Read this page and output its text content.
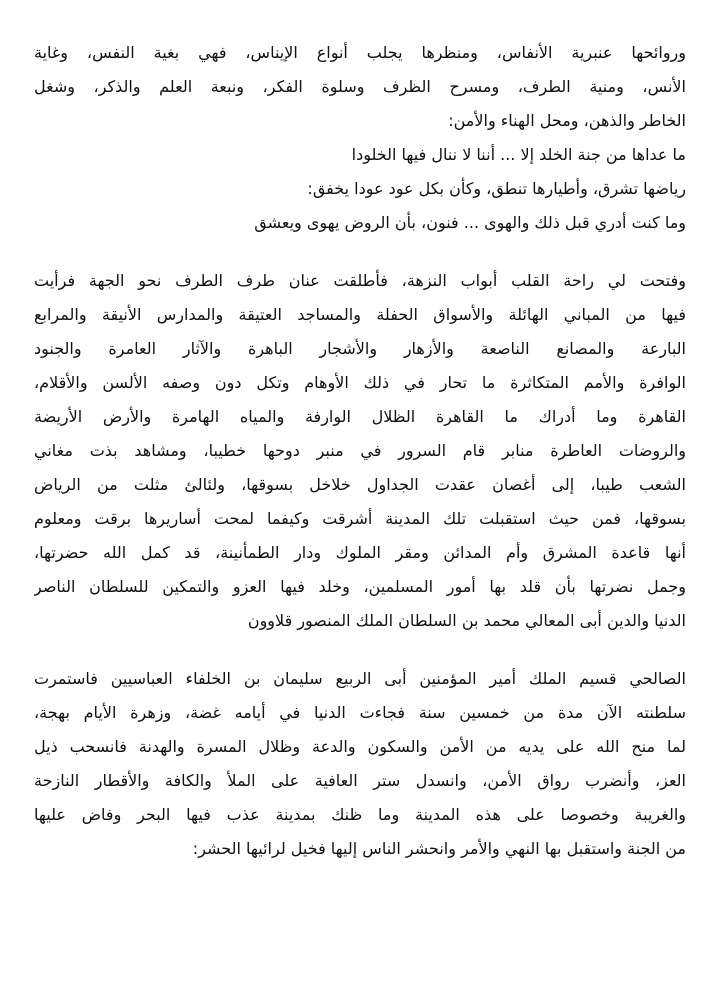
وروائحها عنبرية الأنفاس، ومنظرها يجلب أنواع الإيناس، فهي بغية النفس، وغاية
الأنس، ومنية الطرف، ومسرح الظرف وسلوة الفكر، ونبعة العلم والذكر، وشغل
الخاطر والذهن، ومحل الهناء والأمن:
ما عداها من جنة الخلد إلا ... أننا لا ننال فيها الخلودا
رياضها تشرق، وأطيارها تنطق، وكأن بكل عود عودا يخفق:
وما كنت أدري قبل ذلك والهوى ... فنون، بأن الروض يهوى ويعشق
وفتحت لي راحة القلب أبواب النزهة، فأطلقت عنان طرف الطرف نحو الجهة فرأيت
فيها من المباني الهائلة والأسواق الحفلة والمساجد العتيقة والمدارس الأنيقة والمرابع
البارعة والمصانع الناصعة والأزهار والأشجار الباهرة والآثار العامرة والجنود
الوافرة والأمم المتكاثرة ما تحار في ذلك الأوهام وتكل دون وصفه الألسن والأقلام،
القاهرة وما أدراك ما القاهرة الظلال الوارفة والمياه الهامرة والأرض الأريضة
والروضات العاطرة منابر قام السرور في منبر دوحها خطيبا، ومشاهد بذت مغاني
الشعب طيبا، إلى أغصان عقدت الجداول خلاخل بسوقها، ولئالئ مثلت من الرياض
بسوقها، فمن حيث استقبلت تلك المدينة أشرقت وكيفما لمحت أساريرها برقت ومعلوم
أنها قاعدة المشرق وأم المدائن ومقر الملوك ودار الطمأنينة، قد كمل الله حضرتها،
وجمل نضرتها بأن قلد بها أمور المسلمين، وخلد فيها العزو والتمكين للسلطان الناصر
الدنيا والدين أبى المعالي محمد بن السلطان الملك المنصور قلاوون
الصالحي قسيم الملك أمير المؤمنين أبى الربيع سليمان بن الخلفاء العباسيين فاستمرت
سلطنته الآن مدة من خمسين سنة فجاءت الدنيا في أيامه غضة، وزهرة الأيام بهجة،
لما منح الله على يديه من الأمن والسكون والدعة وظلال المسرة والهدنة فانسحب ذيل
العز، وأنضرب رواق الأمن، وانسدل ستر العافية على الملأ والكافة والأقطار النازحة
والغريبة وخصوصا على هذه المدينة وما ظنك بمدينة عذب فيها البحر وفاض عليها
من الجنة واستقبل بها النهي والأمر وانحشر الناس إليها فخيل لرائيها الحشر:
